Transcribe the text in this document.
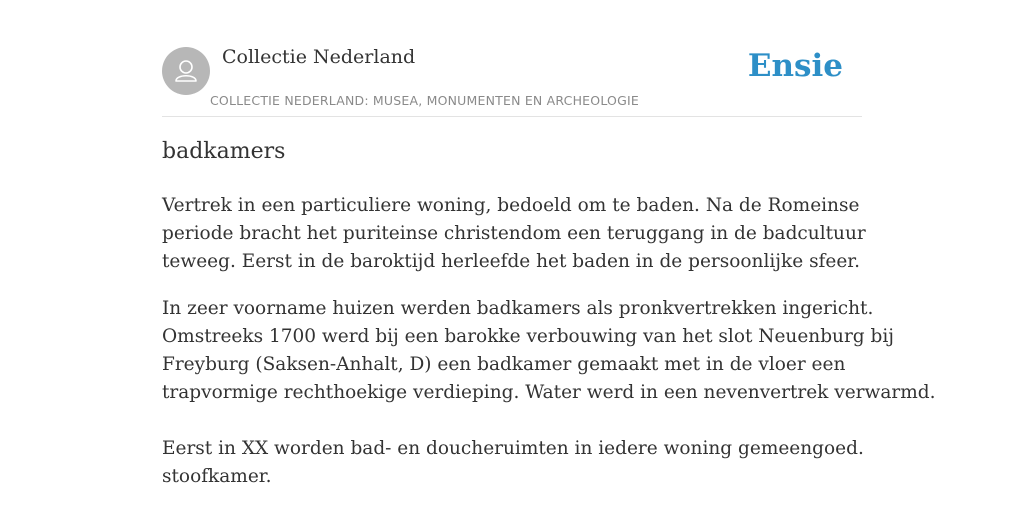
Collectie Nederland
COLLECTIE NEDERLAND: MUSEA, MONUMENTEN EN ARCHEOLOGIE
Ensie
badkamers

Vertrek in een particuliere woning, bedoeld om te baden. Na de Romeinse
periode bracht het puriteinse christendom een teruggang in de badcultuur
teweeg. Eerst in de baroktijd herleefde het baden in de persoonlijke sfeer.

In zeer voorname huizen werden badkamers als pronkvertrekken ingericht.
Omstreeks 1700 werd bij een barokke verbouwing van het slot Neuenburg bij
Freyburg (Saksen-Anhalt, D) een badkamer gemaakt met in de vloer een
trapvormige rechthoekige verdieping. Water werd in een nevenvertrek verwarmd.

Eerst in XX worden bad- en doucheruimten in iedere woning gemeengoed.
stoofkamer.
